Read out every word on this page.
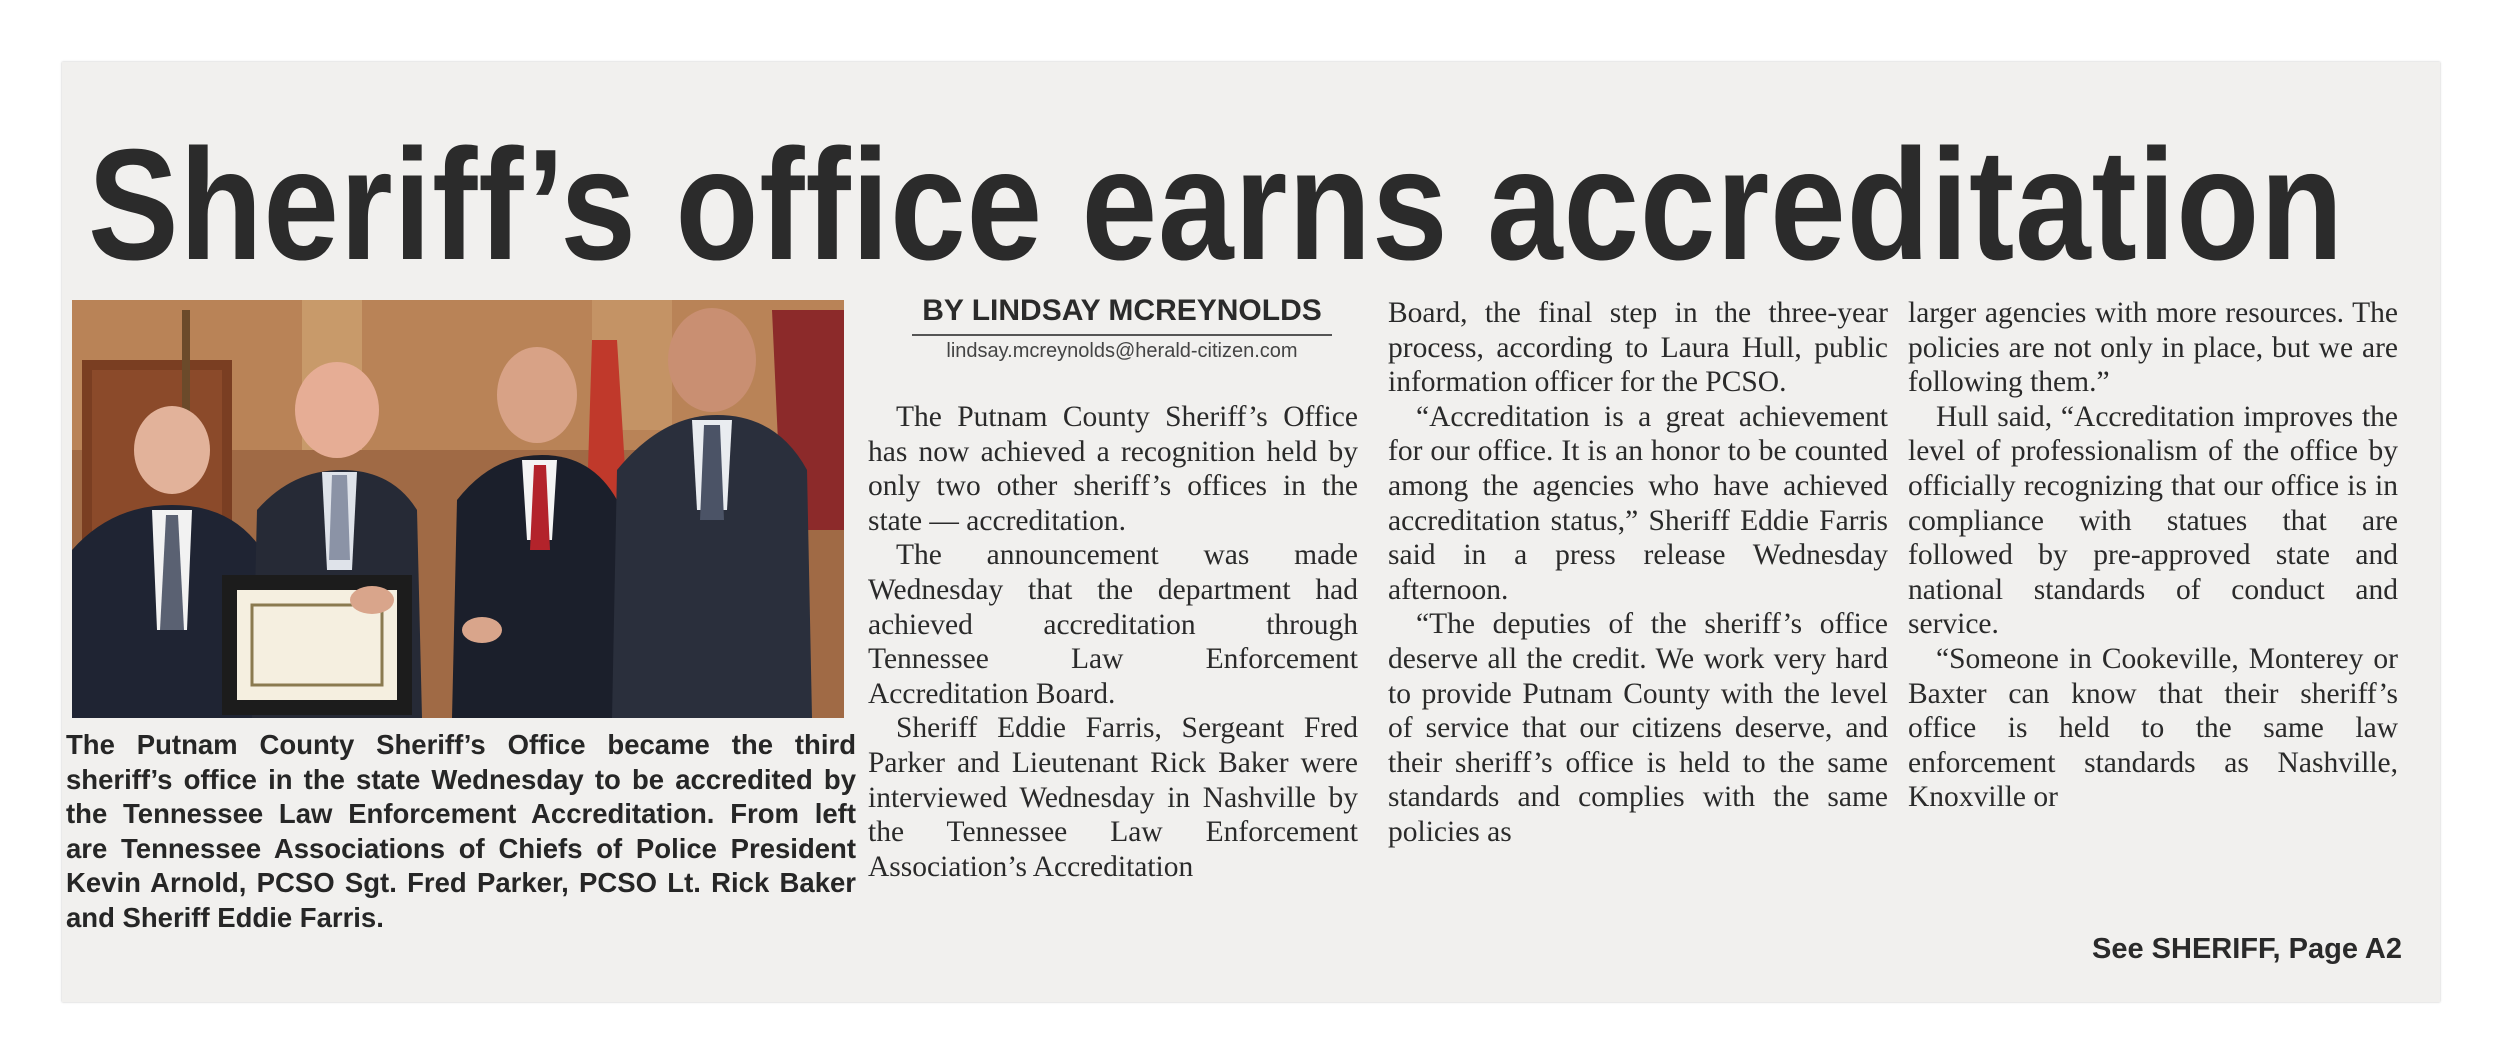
Sheriff’s office earns accreditation

The Putnam County Sheriff’s Office became the third sheriff’s office in the state Wednesday to be accredited by the Tennessee Law Enforcement Accreditation. From left are Tennessee Associations of Chiefs of Police President Kevin Arnold, PCSO Sgt. Fred Parker, PCSO Lt. Rick Baker and Sheriff Eddie Farris.

BY LINDSAY MCREYNOLDS
lindsay.mcreynolds@herald-citizen.com

The Putnam County Sheriff’s Office has now achieved a recognition held by only two other sheriff’s offices in the state — accreditation.

The announcement was made Wednesday that the department had achieved accreditation through Tennessee Law Enforcement Accreditation Board.

Sheriff Eddie Farris, Sergeant Fred Parker and Lieutenant Rick Baker were interviewed Wednesday in Nashville by the Tennessee Law Enforcement Association’s Accreditation

Board, the final step in the three-year process, according to Laura Hull, public information officer for the PCSO.

“Accreditation is a great achievement for our office. It is an honor to be counted among the agencies who have achieved accreditation status,” Sheriff Eddie Farris said in a press release Wednesday afternoon.

“The deputies of the sheriff’s office deserve all the credit. We work very hard to provide Putnam County with the level of service that our citizens deserve, and their sheriff’s office is held to the same standards and complies with the same policies as

larger agencies with more resources. The policies are not only in place, but we are following them.”

Hull said, “Accreditation improves the level of professionalism of the office by officially recognizing that our office is in compliance with statues that are followed by pre-approved state and national standards of conduct and service.

“Someone in Cookeville, Monterey or Baxter can know that their sheriff’s office is held to the same law enforcement standards as Nashville, Knoxville or

See SHERIFF, Page A2
